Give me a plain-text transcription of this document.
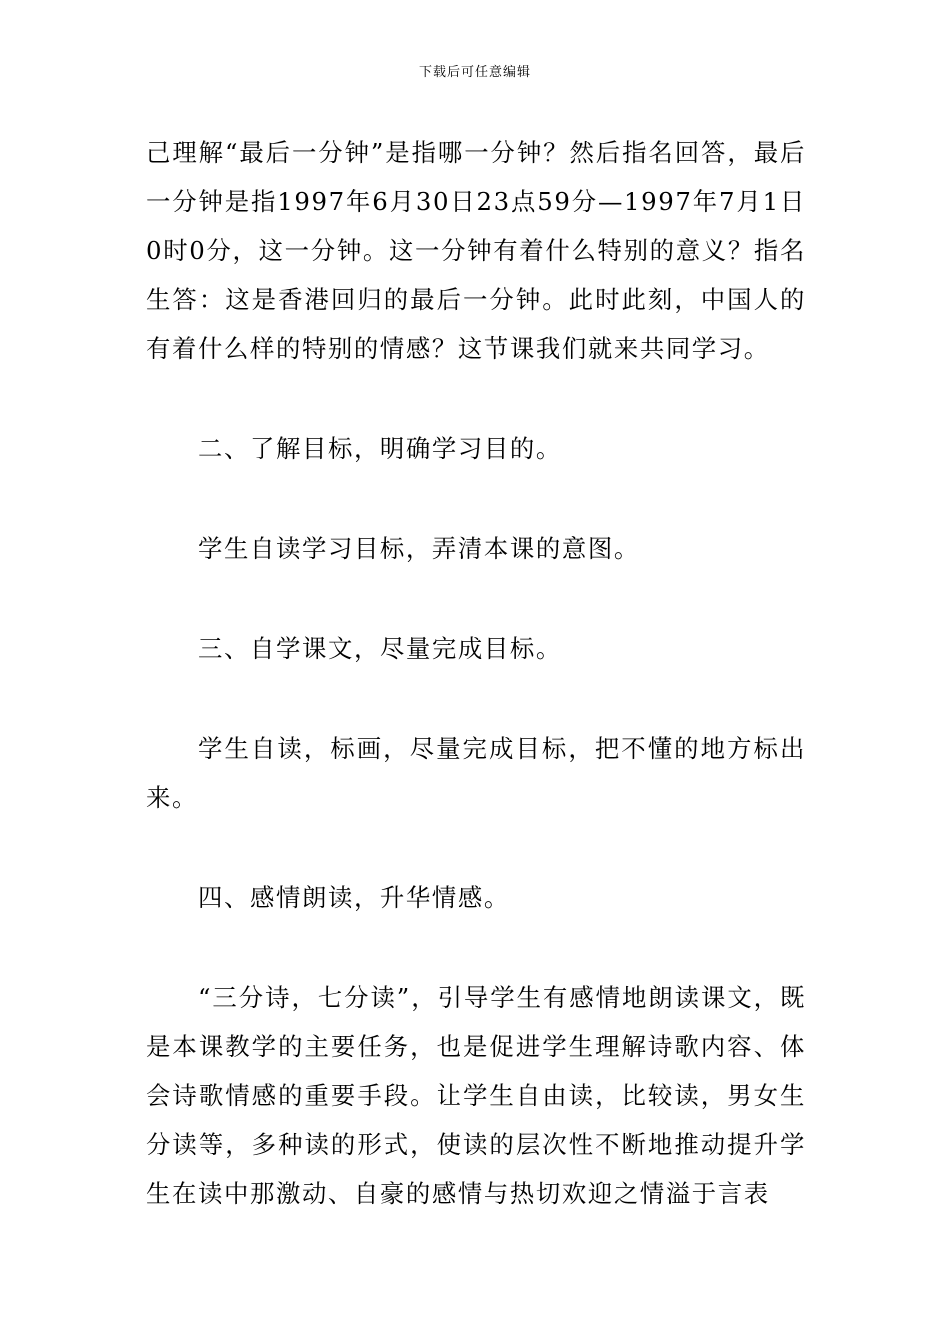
下载后可任意编辑

己理解“最后一分钟”是指哪一分钟？然后指名回答，最后一分钟是指1997年6月30日23点59分—1997年7月1日0时0分，这一分钟。这一分钟有着什么特别的意义？指名生答：这是香港回归的最后一分钟。此时此刻，中国人的有着什么样的特别的情感？这节课我们就来共同学习。

二、了解目标，明确学习目的。

学生自读学习目标，弄清本课的意图。

三、自学课文，尽量完成目标。

学生自读，标画，尽量完成目标，把不懂的地方标出来。

四、感情朗读，升华情感。

“三分诗，七分读”，引导学生有感情地朗读课文，既是本课教学的主要任务，也是促进学生理解诗歌内容、体会诗歌情感的重要手段。让学生自由读，比较读，男女生分读等，多种读的形式，使读的层次性不断地推动提升学生在读中那激动、自豪的感情与热切欢迎之情溢于言表
